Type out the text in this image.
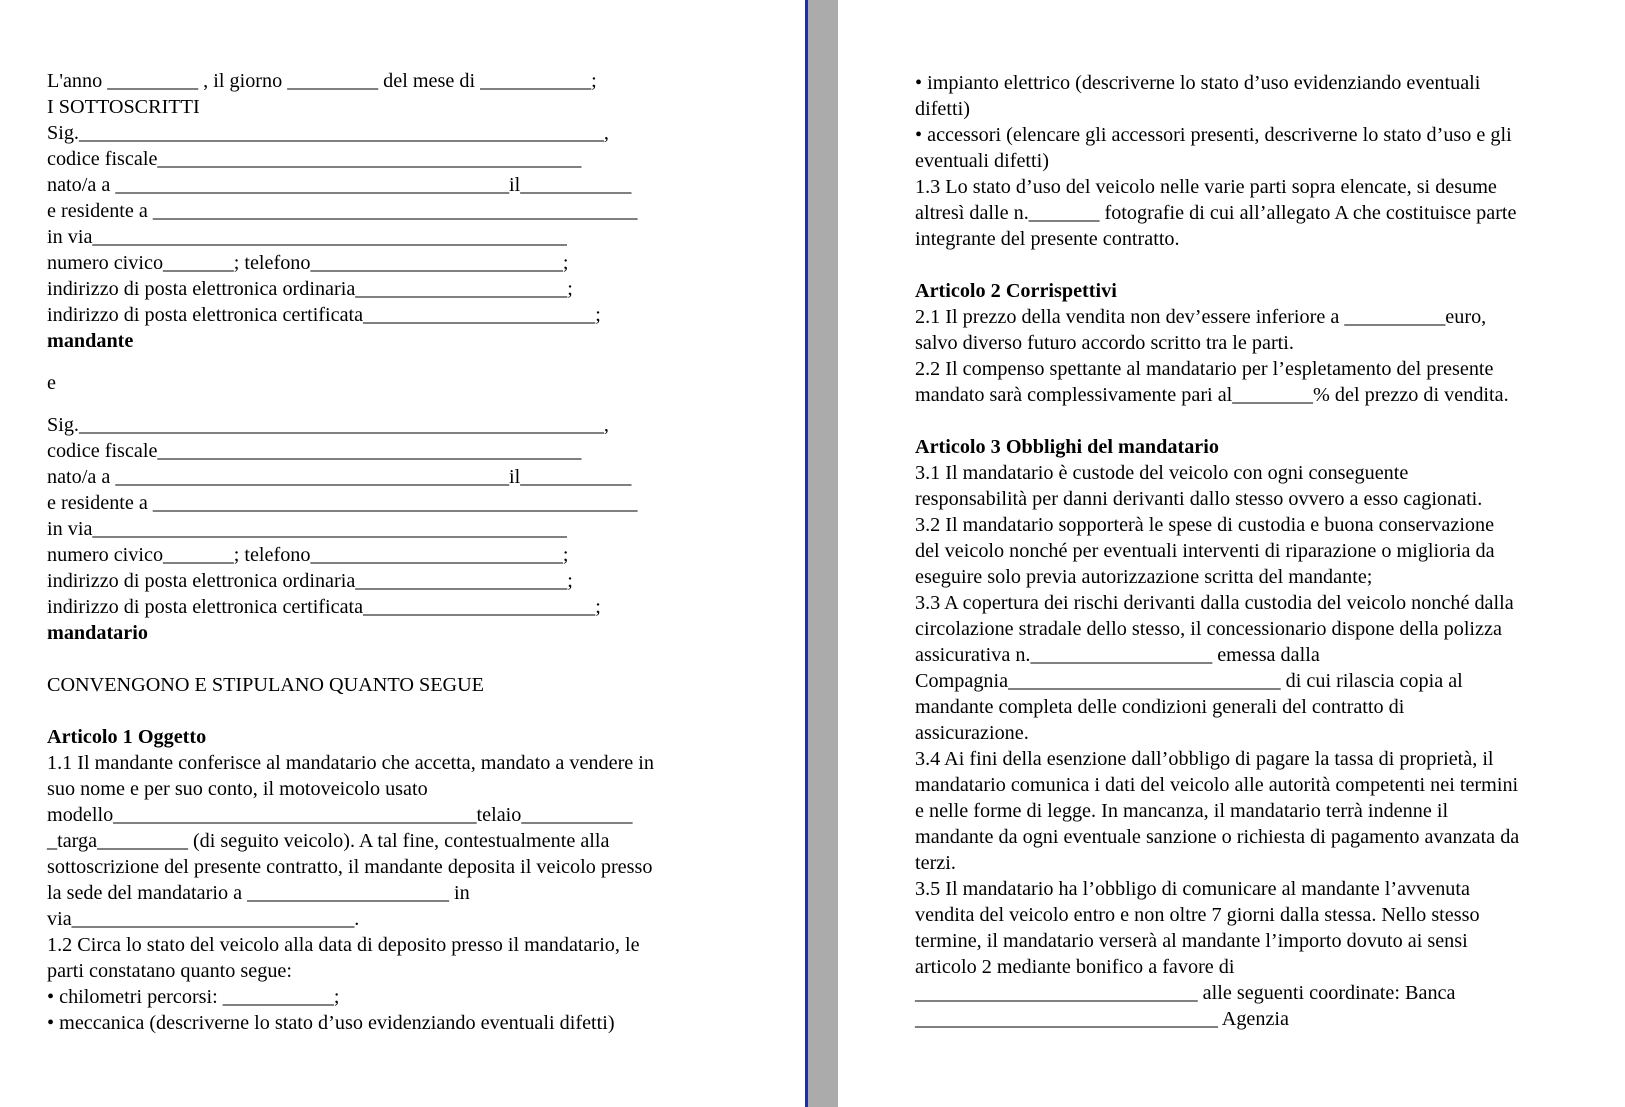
L'anno _________ , il giorno _________ del mese di ___________;
I SOTTOSCRITTI
Sig.____________________________________________________,
codice fiscale__________________________________________
nato/a a _______________________________________il___________
e residente a ________________________________________________
in via_______________________________________________
numero civico_______; telefono_________________________;
indirizzo di posta elettronica ordinaria_____________________;
indirizzo di posta elettronica certificata_______________________;
mandante
e
Sig.____________________________________________________,
codice fiscale__________________________________________
nato/a a _______________________________________il___________
e residente a ________________________________________________
in via_______________________________________________
numero civico_______; telefono_________________________;
indirizzo di posta elettronica ordinaria_____________________;
indirizzo di posta elettronica certificata_______________________;
mandatario
CONVENGONO E STIPULANO QUANTO SEGUE
Articolo 1 Oggetto
1.1 Il mandante conferisce al mandatario che accetta, mandato a vendere in
suo nome e per suo conto, il motoveicolo usato
modello____________________________________telaio___________
_targa_________ (di seguito veicolo). A tal fine, contestualmente alla
sottoscrizione del presente contratto, il mandante deposita il veicolo presso
la sede del mandatario a ____________________ in
via____________________________.
1.2 Circa lo stato del veicolo alla data di deposito presso il mandatario, le
parti constatano quanto segue:
• chilometri percorsi: ___________;
• meccanica (descriverne lo stato d’uso evidenziando eventuali difetti)
• impianto elettrico (descriverne lo stato d’uso evidenziando eventuali
difetti)
• accessori (elencare gli accessori presenti, descriverne lo stato d’uso e gli
eventuali difetti)
1.3 Lo stato d’uso del veicolo nelle varie parti sopra elencate, si desume
altresì dalle n._______ fotografie di cui all’allegato A che costituisce parte
integrante del presente contratto.
Articolo 2 Corrispettivi
2.1 Il prezzo della vendita non dev’essere inferiore a __________euro,
salvo diverso futuro accordo scritto tra le parti.
2.2 Il compenso spettante al mandatario per l’espletamento del presente
mandato sarà complessivamente pari al________% del prezzo di vendita.
Articolo 3 Obblighi del mandatario
3.1 Il mandatario è custode del veicolo con ogni conseguente
responsabilità per danni derivanti dallo stesso ovvero a esso cagionati.
3.2 Il mandatario sopporterà le spese di custodia e buona conservazione
del veicolo nonché per eventuali interventi di riparazione o miglioria da
eseguire solo previa autorizzazione scritta del mandante;
3.3 A copertura dei rischi derivanti dalla custodia del veicolo nonché dalla
circolazione stradale dello stesso, il concessionario dispone della polizza
assicurativa n.__________________ emessa dalla
Compagnia___________________________ di cui rilascia copia al
mandante completa delle condizioni generali del contratto di
assicurazione.
3.4 Ai fini della esenzione dall’obbligo di pagare la tassa di proprietà, il
mandatario comunica i dati del veicolo alle autorità competenti nei termini
e nelle forme di legge. In mancanza, il mandatario terrà indenne il
mandante da ogni eventuale sanzione o richiesta di pagamento avanzata da
terzi.
3.5 Il mandatario ha l’obbligo di comunicare al mandante l’avvenuta
vendita del veicolo entro e non oltre 7 giorni dalla stessa. Nello stesso
termine, il mandatario verserà al mandante l’importo dovuto ai sensi
articolo 2 mediante bonifico a favore di
____________________________ alle seguenti coordinate: Banca
______________________________ Agenzia
